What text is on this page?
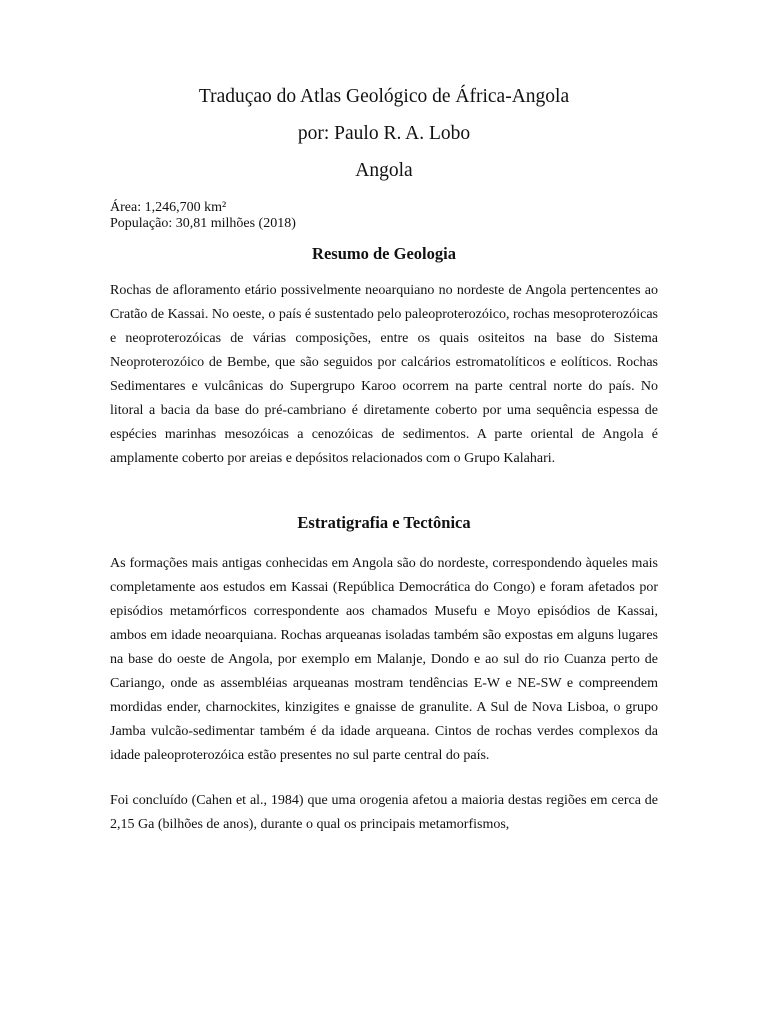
Traduçao do Atlas Geológico de África-Angola

por: Paulo R. A. Lobo

Angola

Área: 1,246,700 km²
População: 30,81 milhões (2018)
Resumo de Geologia

Rochas de afloramento etário possivelmente neoarquiano no nordeste de Angola pertencentes ao Cratão de Kassai. No oeste, o país é sustentado pelo paleoproterozóico, rochas mesoproterozóicas e neoproterozóicas de várias composições, entre os quais ositeitos na base do Sistema Neoproterozóico de Bembe, que são seguidos por calcários estromatolíticos e eolíticos. Rochas Sedimentares e vulcânicas do Supergrupo Karoo ocorrem na parte central norte do país. No litoral a bacia da base do pré-cambriano é diretamente coberto por uma sequência espessa de espécies marinhas mesozóicas a cenozóicas de sedimentos. A parte oriental de Angola é amplamente coberto por areias e depósitos relacionados com o Grupo Kalahari.

Estratigrafia e Tectônica

As formações mais antigas conhecidas em Angola são do nordeste, correspondendo àqueles mais completamente aos estudos em Kassai (República Democrática do Congo) e foram afetados por episódios metamórficos correspondente aos chamados Musefu e Moyo episódios de Kassai, ambos em idade neoarquiana. Rochas arqueanas isoladas também são expostas em alguns lugares na base do oeste de Angola, por exemplo em Malanje, Dondo e ao sul do rio Cuanza perto de Cariango, onde as assembléias arqueanas mostram tendências E-W e NE-SW e compreendem mordidas ender, charnockites, kinzigites e gnaisse de granulite. A Sul de Nova Lisboa, o grupo Jamba vulcão-sedimentar também é da idade arqueana. Cintos de rochas verdes complexos da idade paleoproterozóica estão presentes no sul parte central do país.

Foi concluído (Cahen et al., 1984) que uma orogenia afetou a maioria destas regiões em cerca de 2,15 Ga (bilhões de anos), durante o qual os principais metamorfismos,
